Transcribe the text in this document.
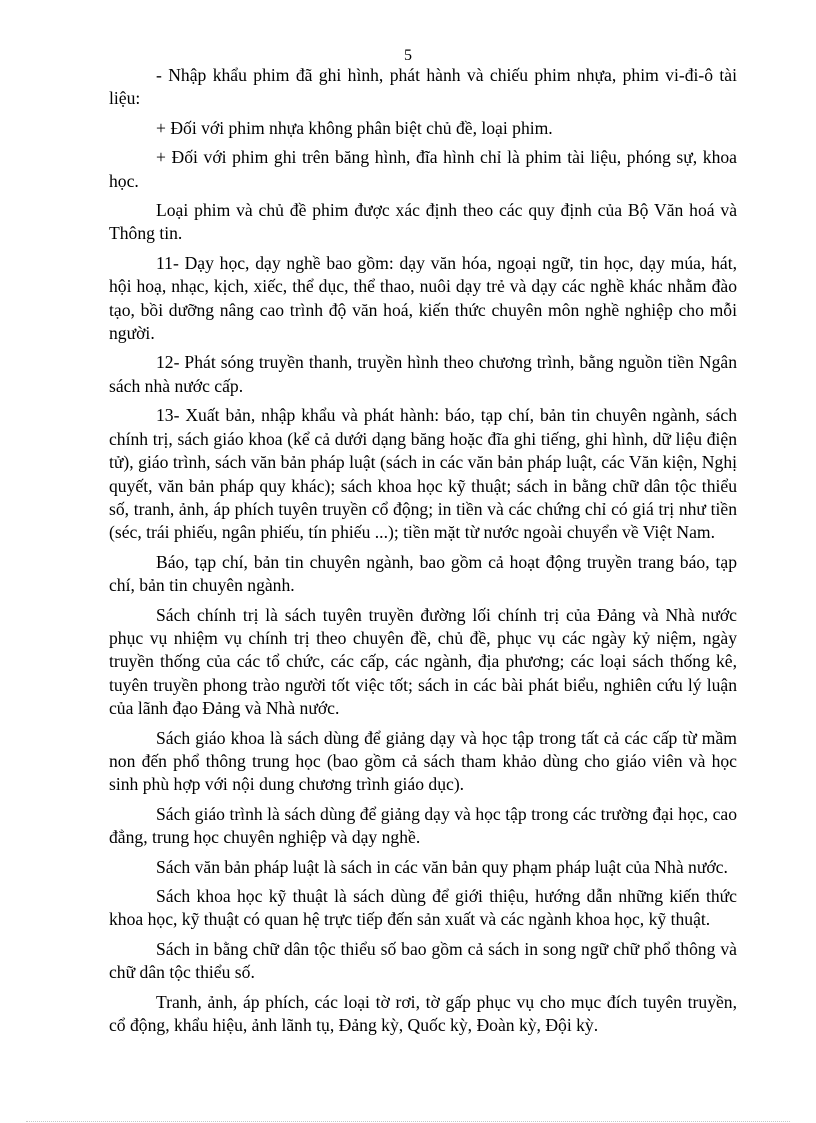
5

- Nhập khẩu phim đã ghi hình, phát hành và chiếu phim nhựa, phim vi-đi-ô tài liệu:

+ Đối với phim nhựa không phân biệt chủ đề, loại phim.

+ Đối với phim ghi trên băng hình, đĩa hình chỉ là phim tài liệu, phóng sự, khoa học.

Loại phim và chủ đề phim được xác định theo các quy định của Bộ Văn hoá và Thông tin.

11- Dạy học, dạy nghề bao gồm: dạy văn hóa, ngoại ngữ, tin học, dạy múa, hát, hội hoạ, nhạc, kịch, xiếc, thể dục, thể thao, nuôi dạy trẻ và dạy các nghề khác nhằm đào tạo, bồi dưỡng nâng cao trình độ văn hoá, kiến thức chuyên môn nghề nghiệp cho mỗi người.

12- Phát sóng truyền thanh, truyền hình theo chương trình, bằng nguồn tiền Ngân sách nhà nước cấp.

13- Xuất bản, nhập khẩu và phát hành: báo, tạp chí, bản tin chuyên ngành, sách chính trị, sách giáo khoa (kể cả dưới dạng băng hoặc đĩa ghi tiếng, ghi hình, dữ liệu điện tử), giáo trình, sách văn bản pháp luật (sách in các văn bản pháp luật, các Văn kiện, Nghị quyết, văn bản pháp quy khác); sách khoa học kỹ thuật; sách in bằng chữ dân tộc thiểu số, tranh, ảnh, áp phích tuyên truyền cổ động; in tiền và các chứng chỉ có giá trị như tiền (séc, trái phiếu, ngân phiếu, tín phiếu ...); tiền mặt từ nước ngoài chuyển về Việt Nam.

Báo, tạp chí, bản tin chuyên ngành, bao gồm cả hoạt động truyền trang báo, tạp chí, bản tin chuyên ngành.

Sách chính trị là sách tuyên truyền đường lối chính trị của Đảng và Nhà nước phục vụ nhiệm vụ chính trị theo chuyên đề, chủ đề, phục vụ các ngày kỷ niệm, ngày truyền thống của các tổ chức, các cấp, các ngành, địa phương; các loại sách thống kê, tuyên truyền phong trào người tốt việc tốt; sách in các bài phát biểu, nghiên cứu lý luận của lãnh đạo Đảng và Nhà nước.

Sách giáo khoa là sách dùng để giảng dạy và học tập trong tất cả các cấp từ mầm non đến phổ thông trung học (bao gồm cả sách tham khảo dùng cho giáo viên và học sinh phù hợp với nội dung chương trình giáo dục).

Sách giáo trình là sách dùng để giảng dạy và học tập trong các trường đại học, cao đẳng, trung học chuyên nghiệp và dạy nghề.

Sách văn bản pháp luật là sách in các văn bản quy phạm pháp luật của Nhà nước.

Sách khoa học kỹ thuật là sách dùng để giới thiệu, hướng dẫn những kiến thức khoa học, kỹ thuật có quan hệ trực tiếp đến sản xuất và các ngành khoa học, kỹ thuật.

Sách in bằng chữ dân tộc thiểu số bao gồm cả sách in song ngữ chữ phổ thông và chữ dân tộc thiểu số.

Tranh, ảnh, áp phích, các loại tờ rơi, tờ gấp phục vụ cho mục đích tuyên truyền, cổ động, khẩu hiệu, ảnh lãnh tụ, Đảng kỳ, Quốc kỳ, Đoàn kỳ, Đội kỳ.
